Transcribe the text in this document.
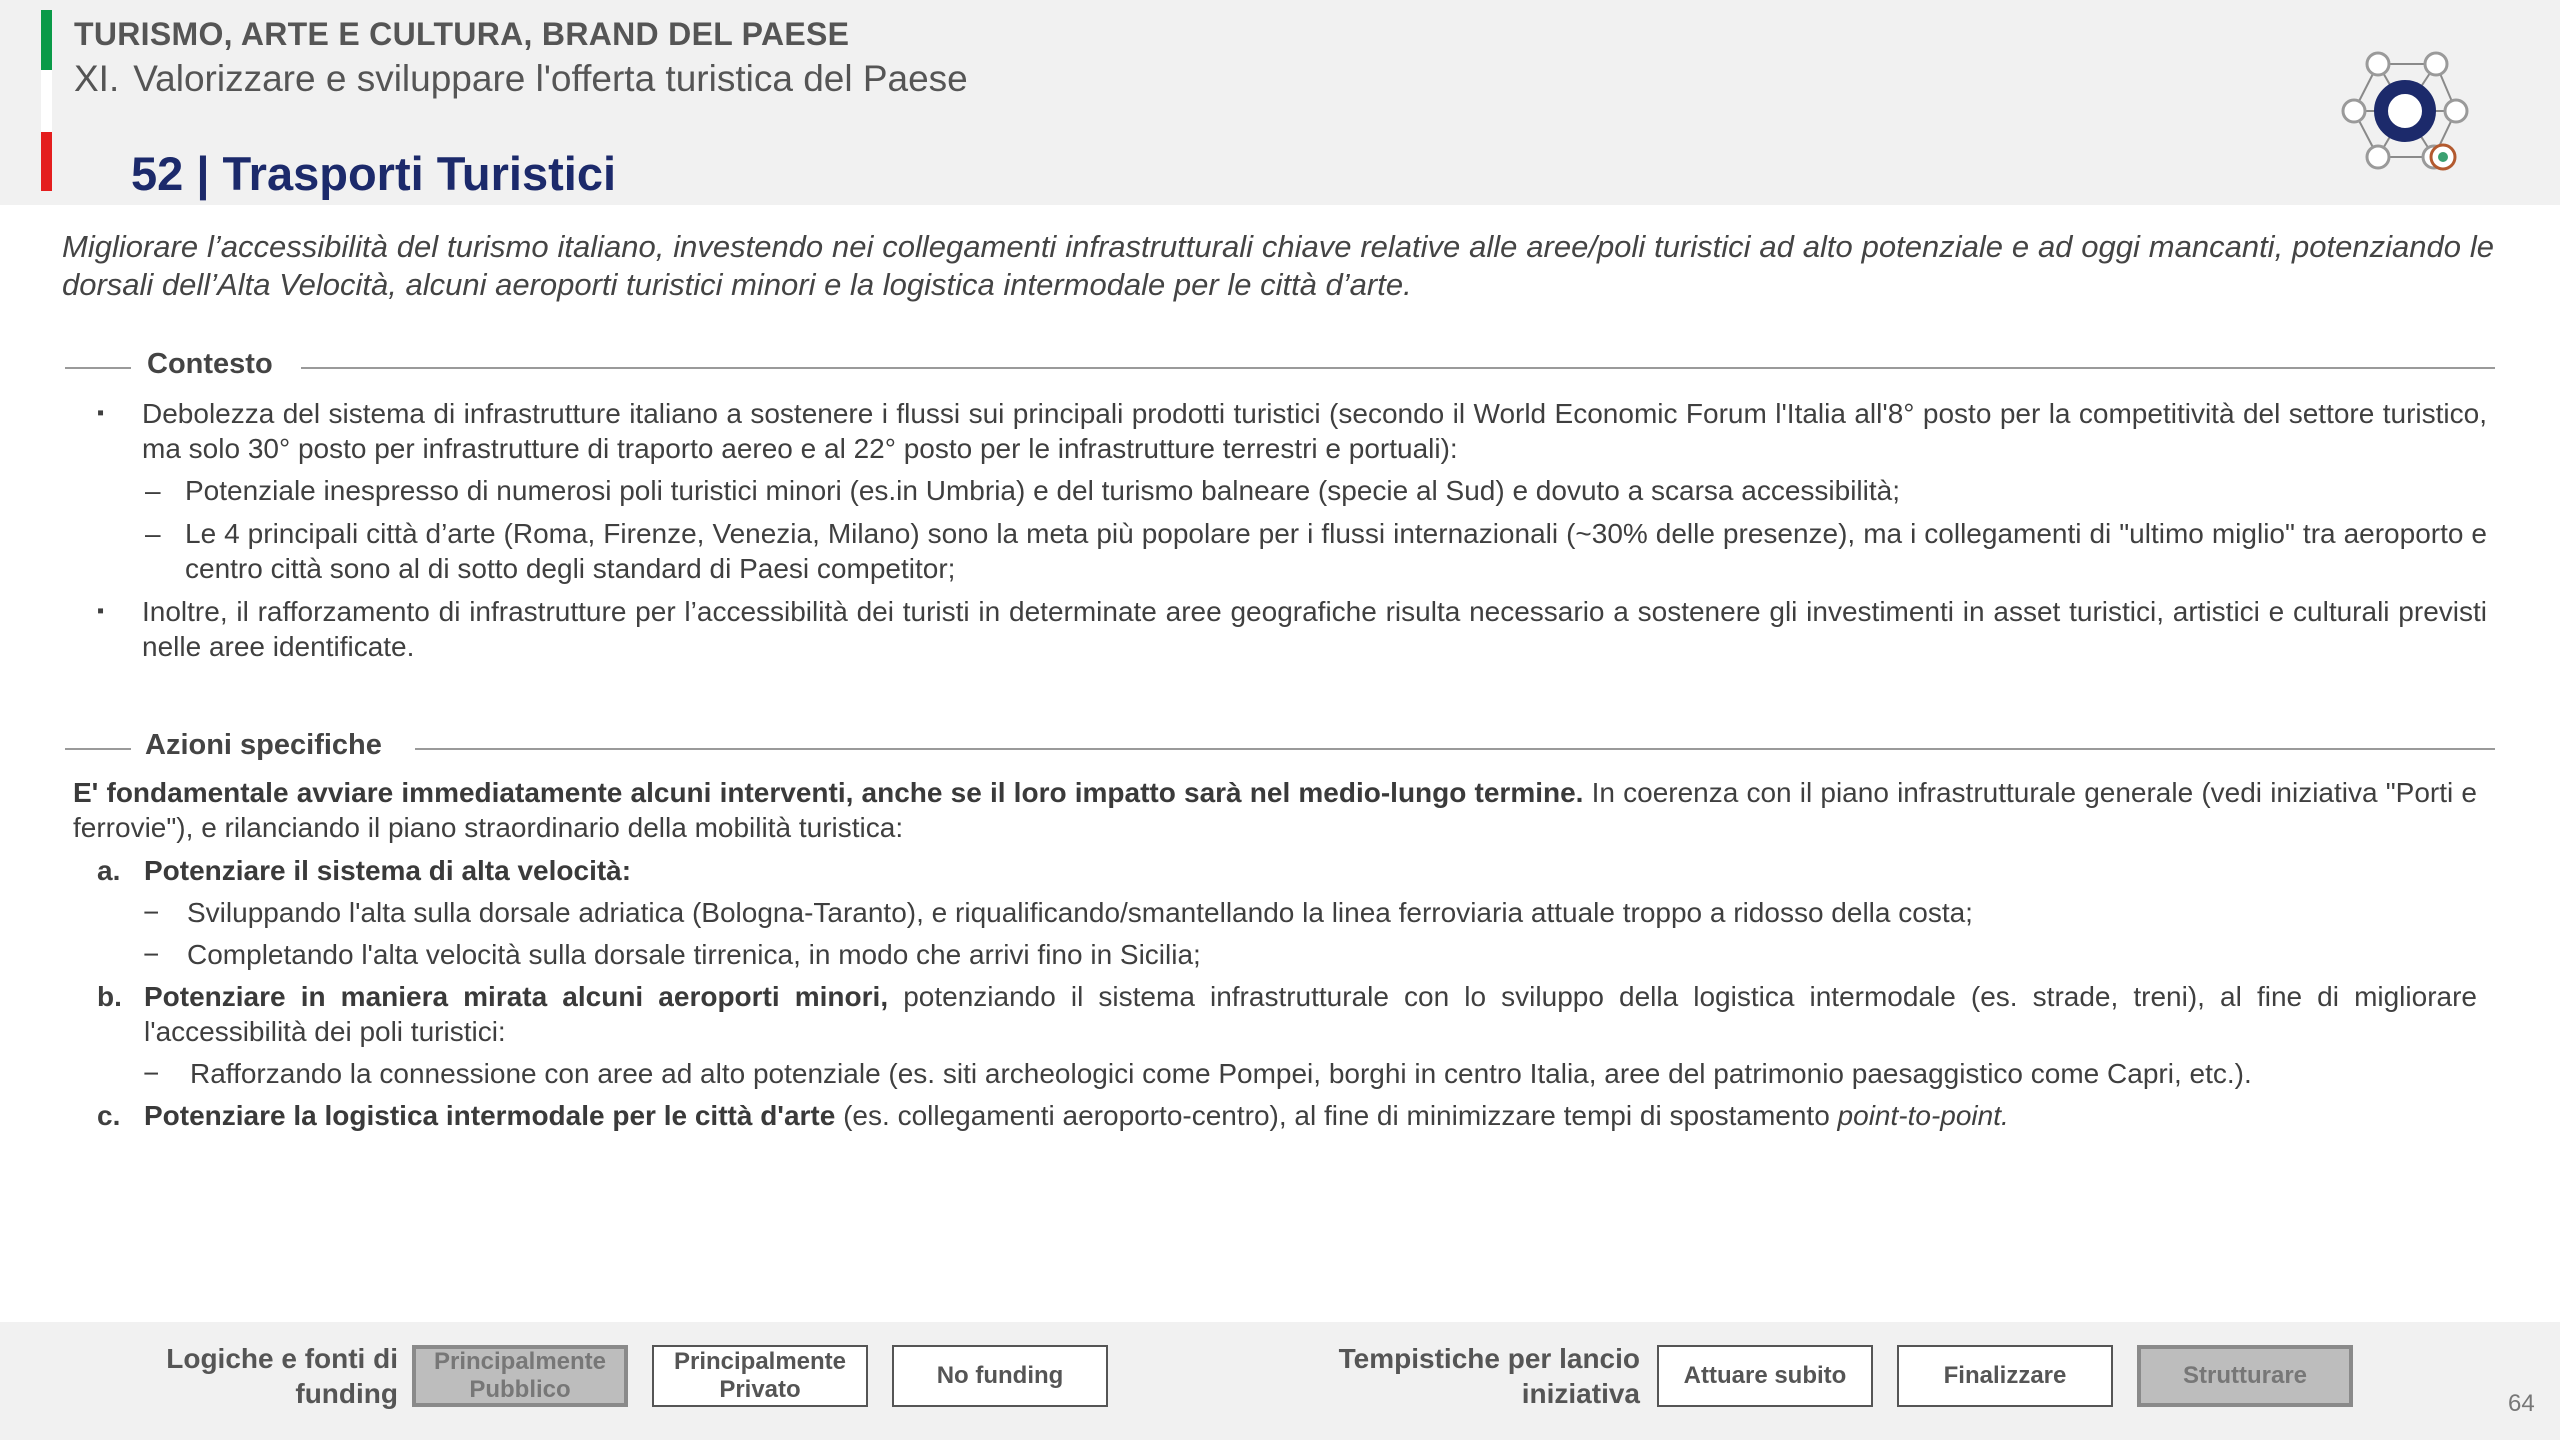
TURISMO, ARTE E CULTURA, BRAND DEL PAESE
XI. Valorizzare e sviluppare l'offerta turistica del Paese
52 | Trasporti Turistici
Migliorare l’accessibilità del turismo italiano, investendo nei collegamenti infrastrutturali chiave relative alle aree/poli turistici ad alto potenziale e ad oggi mancanti, potenziando le dorsali dell’Alta Velocità, alcuni aeroporti turistici minori e la logistica intermodale per le città d’arte.
Contesto
▪ Debolezza del sistema di infrastrutture italiano a sostenere i flussi sui principali prodotti turistici (secondo il World Economic Forum l'Italia all'8° posto per la competitività del settore turistico, ma solo 30° posto per infrastrutture di traporto aereo e al 22° posto per le infrastrutture terrestri e portuali):
– Potenziale inespresso di numerosi poli turistici minori (es.in Umbria) e del turismo balneare (specie al Sud) e dovuto a scarsa accessibilità;
– Le 4 principali città d’arte (Roma, Firenze, Venezia, Milano) sono la meta più popolare per i flussi internazionali (~30% delle presenze), ma i collegamenti di "ultimo miglio" tra aeroporto e centro città sono al di sotto degli standard di Paesi competitor;
▪ Inoltre, il rafforzamento di infrastrutture per l’accessibilità dei turisti in determinate aree geografiche risulta necessario a sostenere gli investimenti in asset turistici, artistici e culturali previsti nelle aree identificate.
Azioni specifiche
E' fondamentale avviare immediatamente alcuni interventi, anche se il loro impatto sarà nel medio-lungo termine. In coerenza con il piano infrastrutturale generale (vedi iniziativa "Porti e ferrovie"), e rilanciando il piano straordinario della mobilità turistica:
a. Potenziare il sistema di alta velocità:
− Sviluppando l'alta sulla dorsale adriatica (Bologna-Taranto), e riqualificando/smantellando la linea ferroviaria attuale troppo a ridosso della costa;
− Completando l'alta velocità sulla dorsale tirrenica, in modo che arrivi fino in Sicilia;
b. Potenziare in maniera mirata alcuni aeroporti minori, potenziando il sistema infrastrutturale con lo sviluppo della logistica intermodale (es. strade, treni), al fine di migliorare l'accessibilità dei poli turistici:
− Rafforzando la connessione con aree ad alto potenziale (es. siti archeologici come Pompei, borghi in centro Italia, aree del patrimonio paesaggistico come Capri, etc.).
c. Potenziare la logistica intermodale per le città d'arte (es. collegamenti aeroporto-centro), al fine di minimizzare tempi di spostamento point-to-point.
Logiche e fonti di
funding
Principalmente
Pubblico
Principalmente
Privato
No funding
Tempistiche per lancio
iniziativa
Attuare subito	Finalizzare	Strutturare
64
